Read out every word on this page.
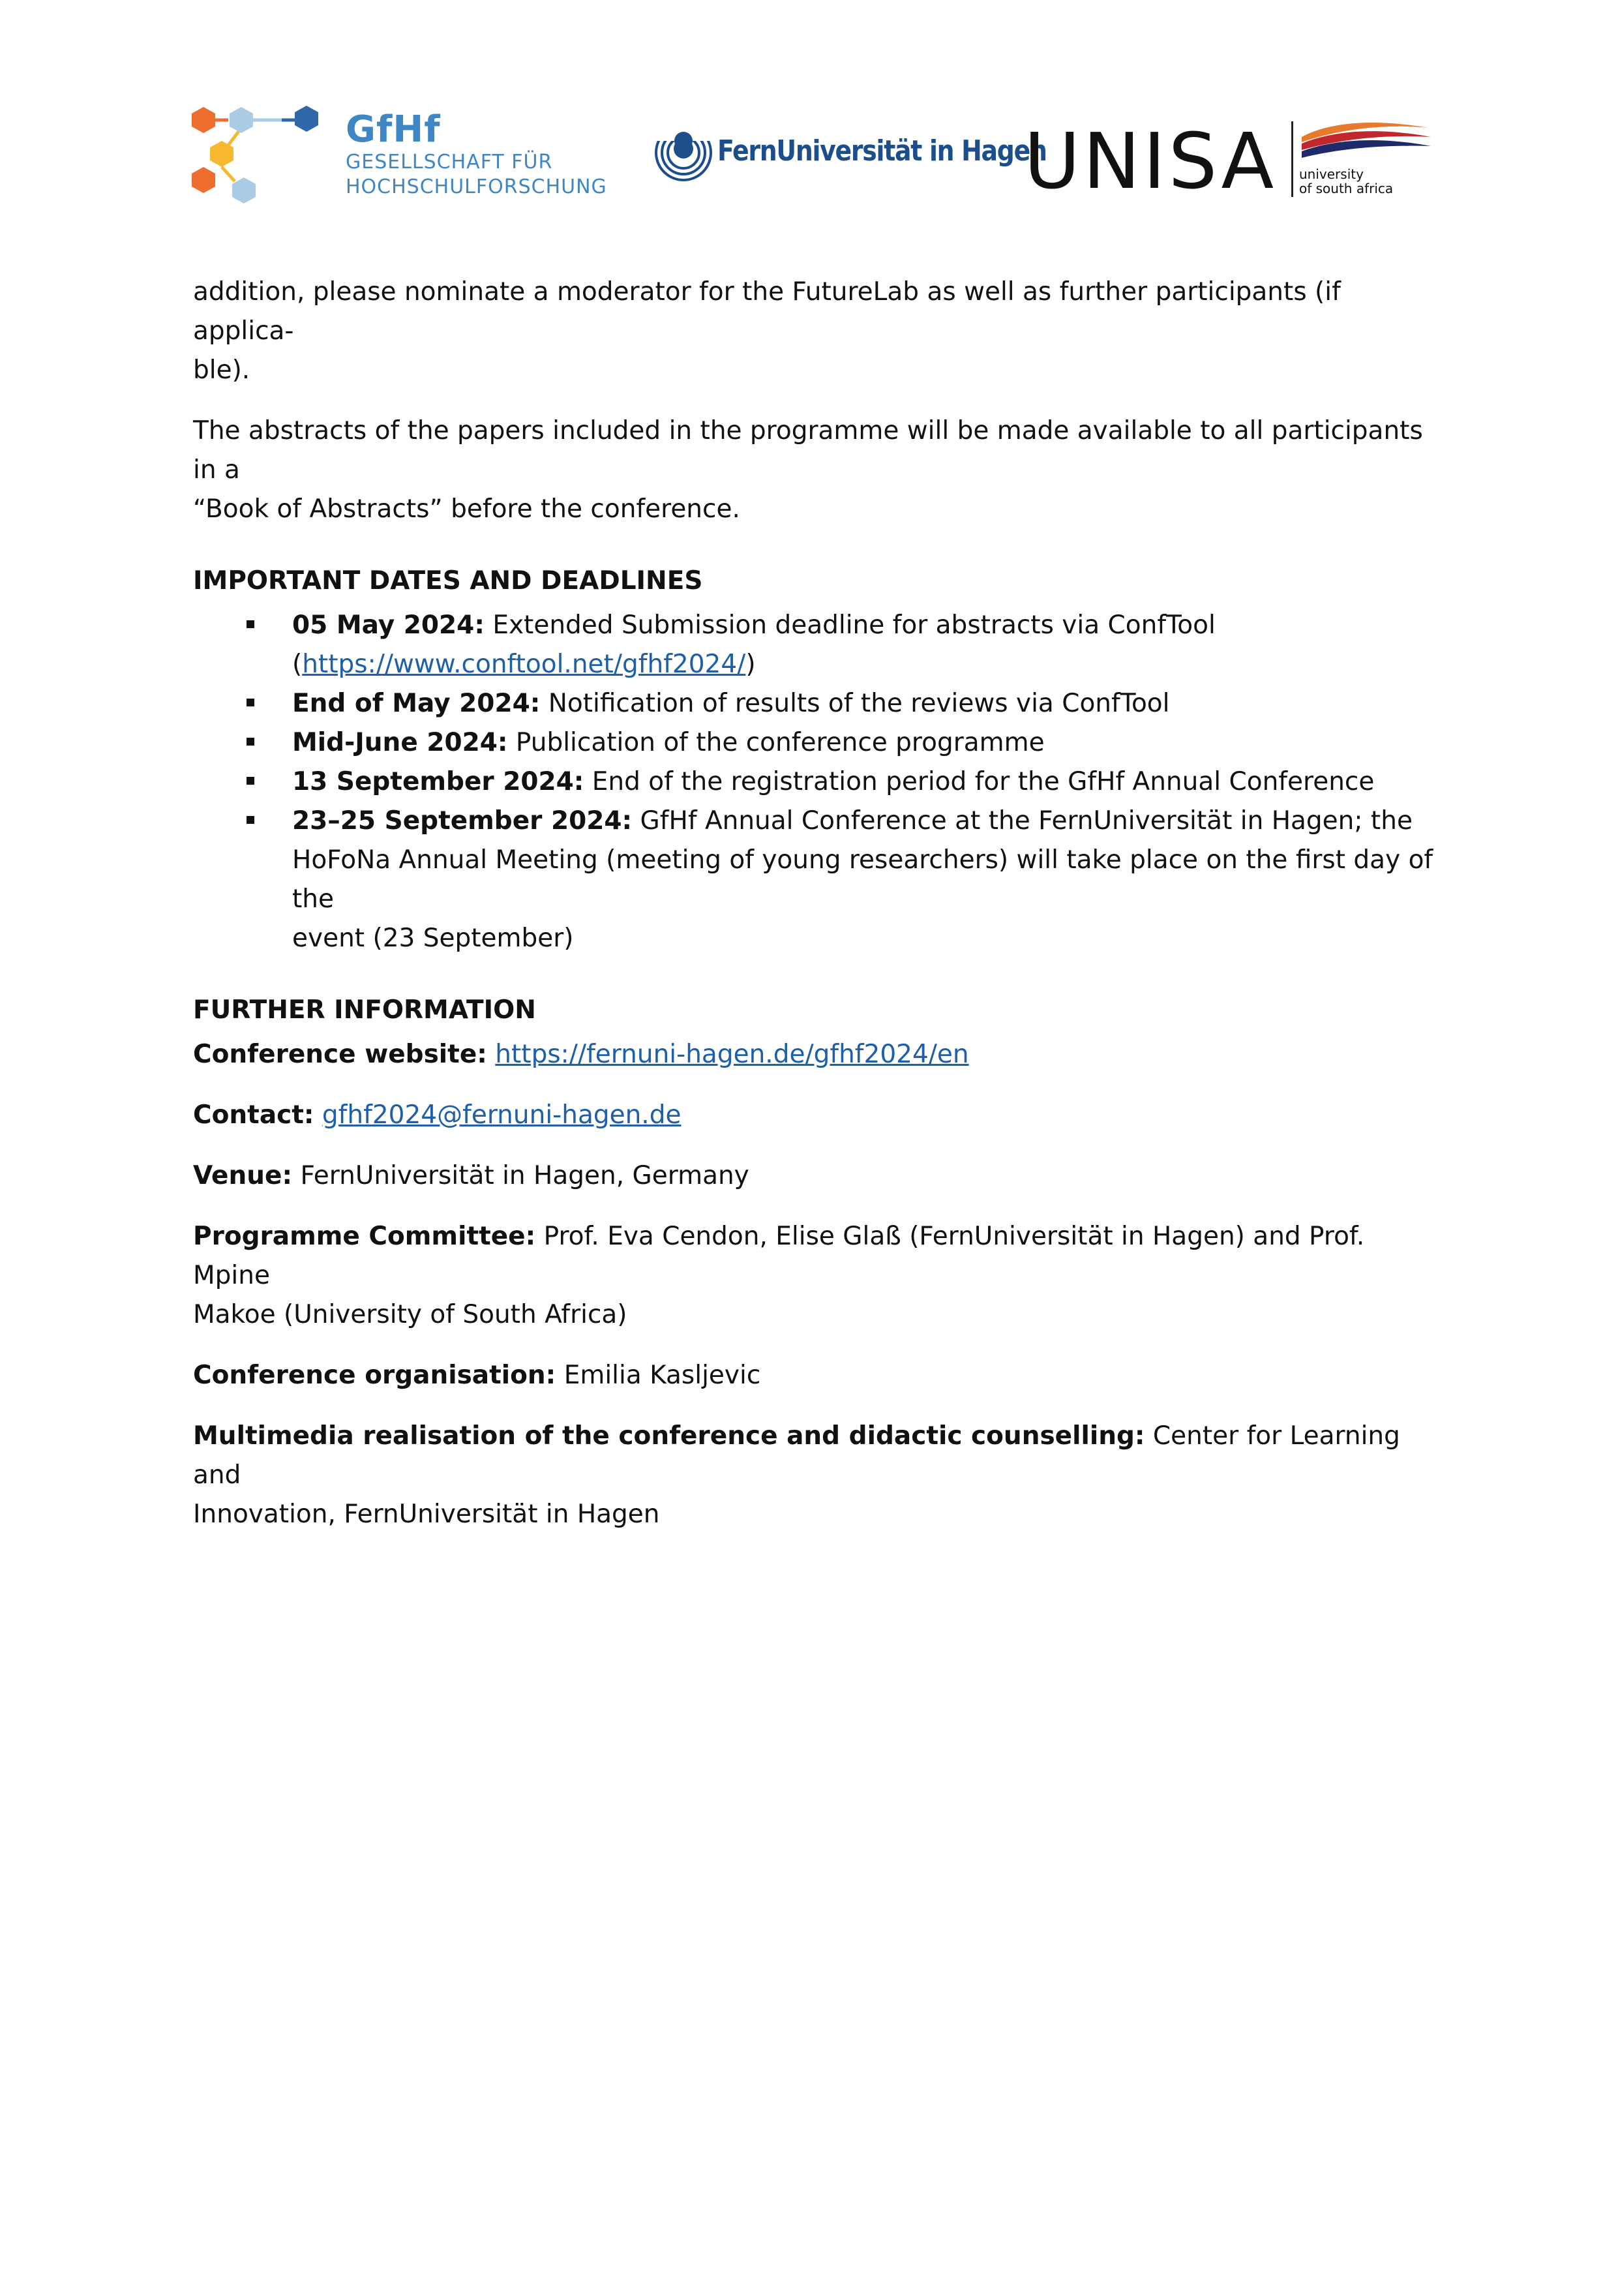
GfHf
GESELLSCHAFT FÜR
HOCHSCHULFORSCHUNG
FernUniversität in Hagen
UNISA university
of south africa

addition, please nominate a moderator for the FutureLab as well as further participants (if applica-
ble).

The abstracts of the papers included in the programme will be made available to all participants in a
“Book of Abstracts” before the conference.

IMPORTANT DATES AND DEADLINES

05 May 2024: Extended Submission deadline for abstracts via ConfTool
(https://www.conftool.net/gfhf2024/)
End of May 2024: Notification of results of the reviews via ConfTool
Mid-June 2024: Publication of the conference programme
13 September 2024: End of the registration period for the GfHf Annual Conference
23–25 September 2024: GfHf Annual Conference at the FernUniversität in Hagen; the
HoFoNa Annual Meeting (meeting of young researchers) will take place on the first day of the
event (23 September)

FURTHER INFORMATION

Conference website: https://fernuni-hagen.de/gfhf2024/en

Contact: gfhf2024@fernuni-hagen.de

Venue: FernUniversität in Hagen, Germany

Programme Committee: Prof. Eva Cendon, Elise Glaß (FernUniversität in Hagen) and Prof. Mpine
Makoe (University of South Africa)

Conference organisation: Emilia Kasljevic

Multimedia realisation of the conference and didactic counselling: Center for Learning and
Innovation, FernUniversität in Hagen
